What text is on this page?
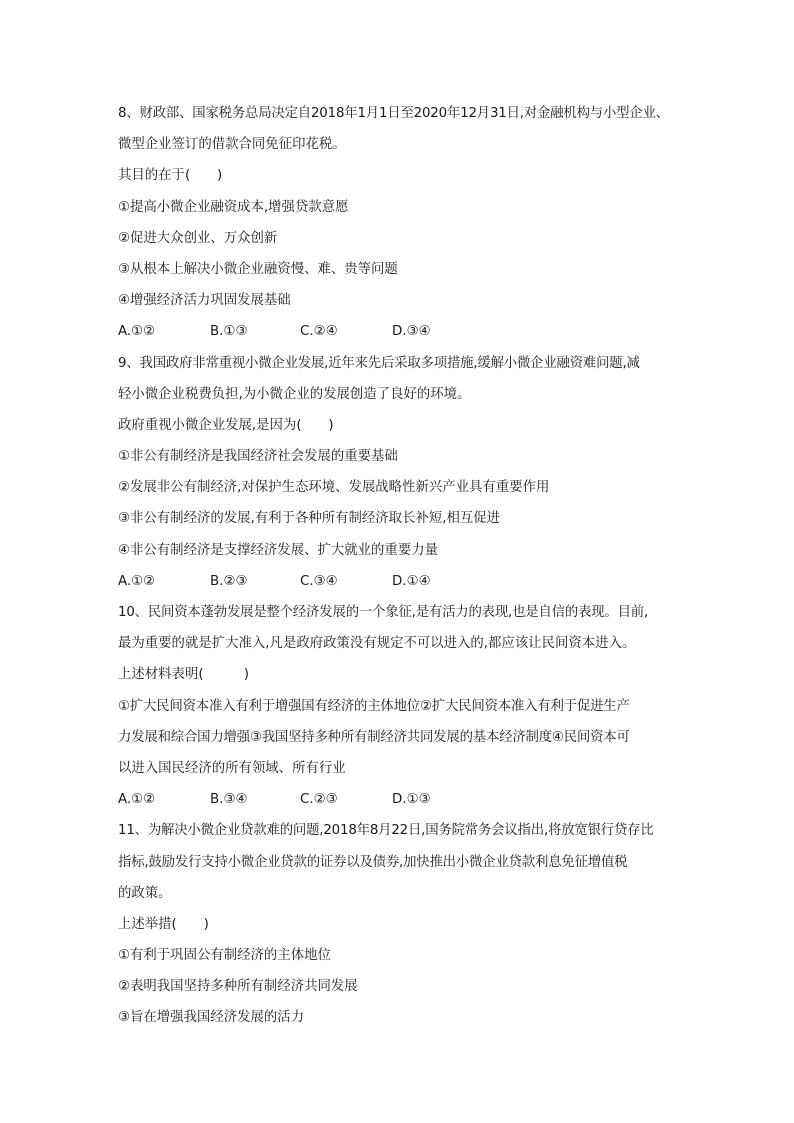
8、财政部、国家税务总局决定自2018年1月1日至2020年12月31日,对金融机构与小型企业、
微型企业签订的借款合同免征印花税。
其目的在于(　　)
①提高小微企业融资成本,增强贷款意愿
②促进大众创业、万众创新
③从根本上解决小微企业融资慢、难、贵等问题
④增强经济活力巩固发展基础
A.①②	B.①③	C.②④	D.③④
9、我国政府非常重视小微企业发展,近年来先后采取多项措施,缓解小微企业融资难问题,减
轻小微企业税费负担,为小微企业的发展创造了良好的环境。
政府重视小微企业发展,是因为(　　)
①非公有制经济是我国经济社会发展的重要基础
②发展非公有制经济,对保护生态环境、发展战略性新兴产业具有重要作用
③非公有制经济的发展,有利于各种所有制经济取长补短,相互促进
④非公有制经济是支撑经济发展、扩大就业的重要力量
A.①②	B.②③	C.③④	D.①④
10、民间资本蓬勃发展是整个经济发展的一个象征,是有活力的表现,也是自信的表现。目前,
最为重要的就是扩大准入,凡是政府政策没有规定不可以进入的,都应该让民间资本进入。
上述材料表明(　　　)
①扩大民间资本准入有利于增强国有经济的主体地位②扩大民间资本准入有利于促进生产
力发展和综合国力增强③我国坚持多种所有制经济共同发展的基本经济制度④民间资本可
以进入国民经济的所有领域、所有行业
A.①②	B.③④	C.②③	D.①③
11、为解决小微企业贷款难的问题,2018年8月22日,国务院常务会议指出,将放宽银行贷存比
指标,鼓励发行支持小微企业贷款的证券以及债券,加快推出小微企业贷款利息免征增值税
的政策。
上述举措(　　)
①有利于巩固公有制经济的主体地位
②表明我国坚持多种所有制经济共同发展
③旨在增强我国经济发展的活力
